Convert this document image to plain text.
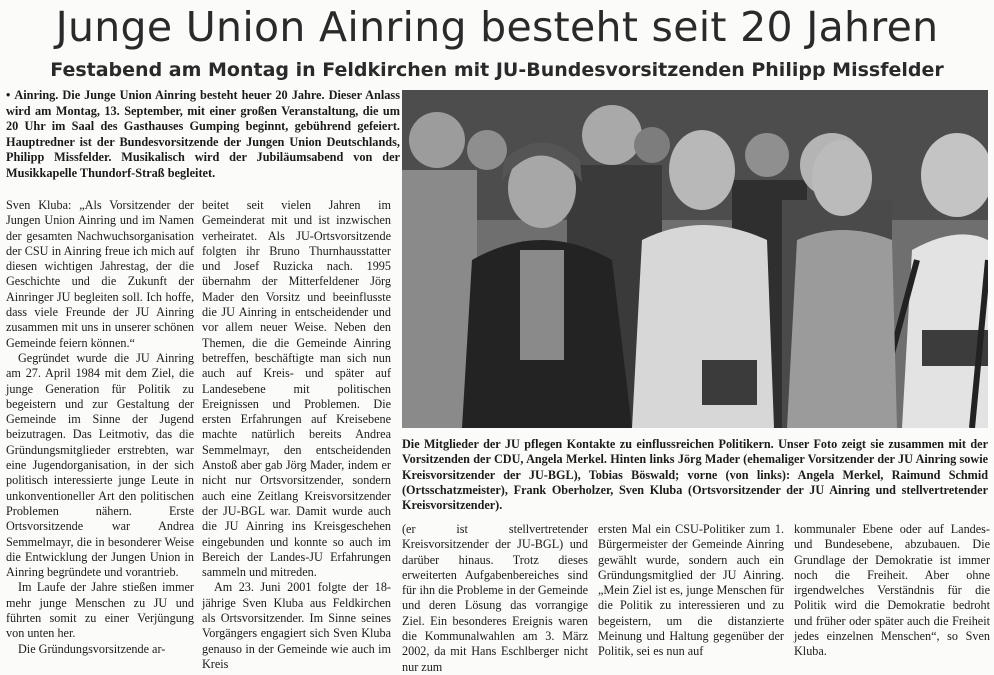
Junge Union Ainring besteht seit 20 Jahren
Festabend am Montag in Feldkirchen mit JU-Bundesvorsitzenden Philipp Missfelder
• Ainring. Die Junge Union Ainring besteht heuer 20 Jahre. Dieser Anlass wird am Montag, 13. September, mit einer großen Veranstaltung, die um 20 Uhr im Saal des Gasthauses Gumping beginnt, gebührend gefeiert. Hauptredner ist der Bundesvorsitzende der Jungen Union Deutschlands, Philipp Missfelder. Musikalisch wird der Jubiläumsabend von der Musikkapelle Thundorf-Straß begleitet.

Sven Kluba: „Als Vorsitzender der Jungen Union Ainring und im Namen der gesamten Nachwuchsorganisation der CSU in Ainring freue ich mich auf diesen wichtigen Jahrestag, der die Geschichte und die Zukunft der Ainringer JU begleiten soll. Ich hoffe, dass viele Freunde der JU Ainring zusammen mit uns in unserer schönen Gemeinde feiern können.“

Gegründet wurde die JU Ainring am 27. April 1984 mit dem Ziel, die junge Generation für Politik zu begeistern und zur Gestaltung der Gemeinde im Sinne der Jugend beizutragen. Das Leitmotiv, das die Gründungsmitglieder erstrebten, war eine Jugendorganisation, in der sich politisch interessierte junge Leute in unkonventioneller Art den politischen Problemen nähern. Erste Ortsvorsitzende war Andrea Semmelmayr, die in besonderer Weise die Entwicklung der Jungen Union in Ainring begründete und vorantrieb.

Im Laufe der Jahre stießen immer mehr junge Menschen zu JU und führten somit zu einer Verjüngung von unten her.

Die Gründungsvorsitzende ar-

beitet seit vielen Jahren im Gemeinderat mit und ist inzwischen verheiratet. Als JU-Ortsvorsitzende folgten ihr Bruno Thurnhausstatter und Josef Ruzicka nach. 1995 übernahm der Mitterfeldener Jörg Mader den Vorsitz und beeinflusste die JU Ainring in entscheidender und vor allem neuer Weise. Neben den Themen, die die Gemeinde Ainring betreffen, beschäftigte man sich nun auch auf Kreis- und später auf Landesebene mit politischen Ereignissen und Problemen. Die ersten Erfahrungen auf Kreisebene machte natürlich bereits Andrea Semmelmayr, den entscheidenden Anstoß aber gab Jörg Mader, indem er nicht nur Ortsvorsitzender, sondern auch eine Zeitlang Kreisvorsitzender der JU-BGL war. Damit wurde auch die JU Ainring ins Kreisgeschehen eingebunden und konnte so auch im Bereich der Landes-JU Erfahrungen sammeln und mitreden.

Am 23. Juni 2001 folgte der 18-jährige Sven Kluba aus Feldkirchen als Ortsvorsitzender. Im Sinne seines Vorgängers engagiert sich Sven Kluba genauso in der Gemeinde wie auch im Kreis

Die Mitglieder der JU pflegen Kontakte zu einflussreichen Politikern. Unser Foto zeigt sie zusammen mit der Vorsitzenden der CDU, Angela Merkel. Hinten links Jörg Mader (ehemaliger Vorsitzender der JU Ainring sowie Kreisvorsitzender der JU-BGL), Tobias Böswald; vorne (von links): Angela Merkel, Raimund Schmid (Ortsschatzmeister), Frank Oberholzer, Sven Kluba (Ortsvorsitzender der JU Ainring und stellvertretender Kreisvorsitzender).

(er ist stellvertretender Kreisvorsitzender der JU-BGL) und darüber hinaus. Trotz dieses erweiterten Aufgabenbereiches sind für ihn die Probleme in der Gemeinde und deren Lösung das vorrangige Ziel. Ein besonderes Ereignis waren die Kommunalwahlen am 3. März 2002, da mit Hans Eschlberger nicht nur zum

ersten Mal ein CSU-Politiker zum 1. Bürgermeister der Gemeinde Ainring gewählt wurde, sondern auch ein Gründungsmitglied der JU Ainring. „Mein Ziel ist es, junge Menschen für die Politik zu interessieren und zu begeistern, um die distanzierte Meinung und Haltung gegenüber der Politik, sei es nun auf

kommunaler Ebene oder auf Landes- und Bundesebene, abzubauen. Die Grundlage der Demokratie ist immer noch die Freiheit. Aber ohne irgendwelches Verständnis für die Politik wird die Demokratie bedroht und früher oder später auch die Freiheit jedes einzelnen Menschen“, so Sven Kluba.
